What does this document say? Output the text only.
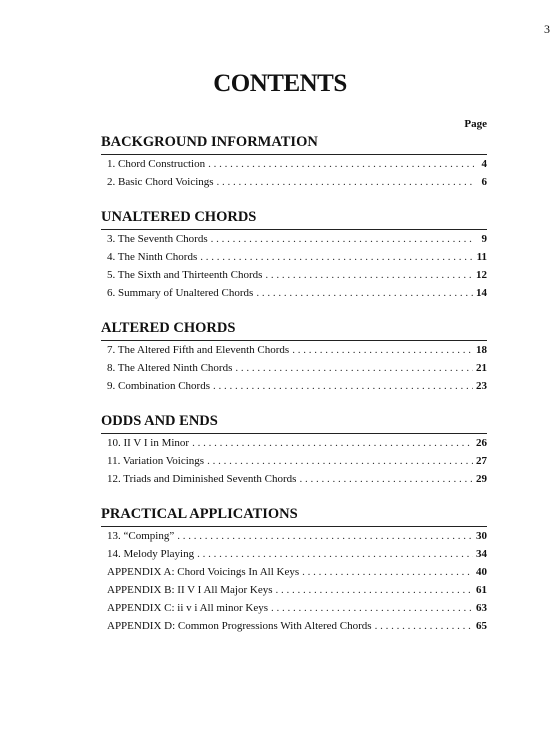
3
CONTENTS
Page
BACKGROUND INFORMATION
1. Chord Construction . . .	4
2. Basic Chord Voicings . . .	6
UNALTERED CHORDS
3. The Seventh Chords . . .	9
4. The Ninth Chords . . .	11
5. The Sixth and Thirteenth Chords . . .	12
6. Summary of Unaltered Chords . . .	14
ALTERED CHORDS
7. The Altered Fifth and Eleventh Chords . . .	18
8. The Altered Ninth Chords . . .	21
9. Combination Chords . . .	23
ODDS AND ENDS
10. II V I in Minor . . .	26
11. Variation Voicings . . .	27
12. Triads and Diminished Seventh Chords . . .	29
PRACTICAL APPLICATIONS
13. “Comping” . . .	30
14. Melody Playing . . .	34
APPENDIX A: Chord Voicings In All Keys . . .	40
APPENDIX B: II V I All Major Keys . . .	61
APPENDIX C: ii v i All minor Keys . . .	63
APPENDIX D: Common Progressions With Altered Chords . . .	65
